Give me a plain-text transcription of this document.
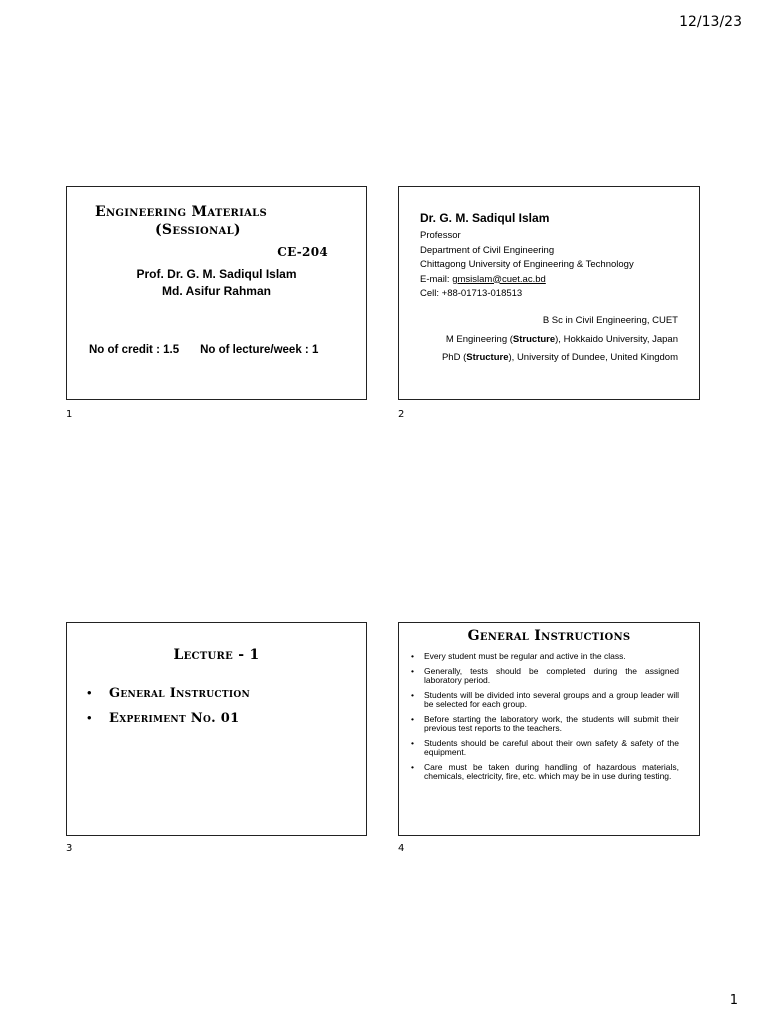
12/13/23
Engineering Materials
(Sessional)
CE-204
Prof. Dr. G. M. Sadiqul Islam
Md. Asifur Rahman
No of credit : 1.5 No of lecture/week : 1
1
Dr. G. M. Sadiqul Islam
Professor
Department of Civil Engineering
Chittagong University of Engineering & Technology
E-mail: gmsislam@cuet.ac.bd
Cell: +88-01713-018513
B Sc in Civil Engineering, CUET
M Engineering (Structure), Hokkaido University, Japan
PhD (Structure), University of Dundee, United Kingdom
2
Lecture - 1
• General Instruction
• Experiment No. 01
3
General Instructions
• Every student must be regular and active in the class.
• Generally, tests should be completed during the assigned laboratory period.
• Students will be divided into several groups and a group leader will be selected for each group.
• Before starting the laboratory work, the students will submit their previous test reports to the teachers.
• Students should be careful about their own safety & safety of the equipment.
• Care must be taken during handling of hazardous materials, chemicals, electricity, fire, etc. which may be in use during testing.
4
1
